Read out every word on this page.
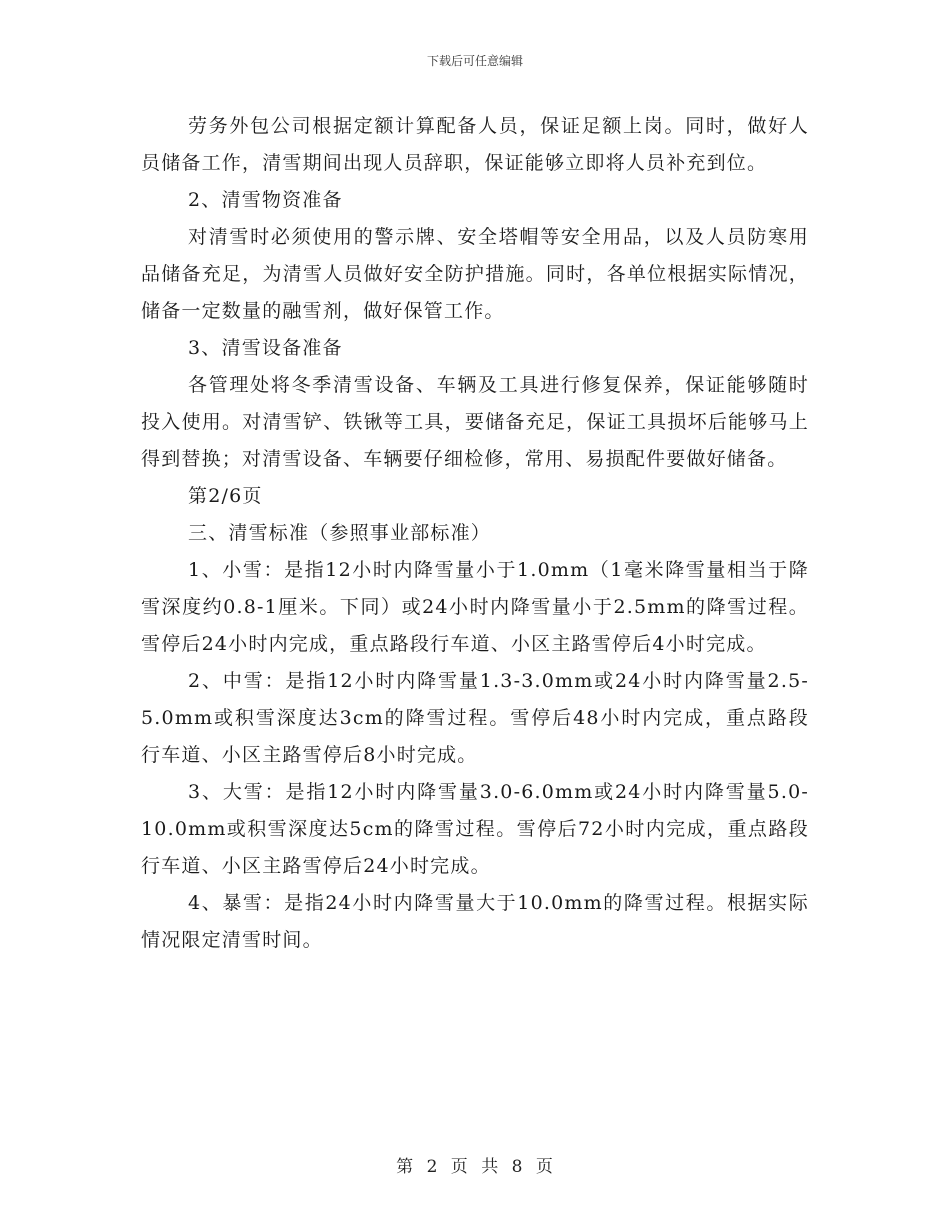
下载后可任意编辑

劳务外包公司根据定额计算配备人员，保证足额上岗。同时，做好人员储备工作，清雪期间出现人员辞职，保证能够立即将人员补充到位。

2、清雪物资准备

对清雪时必须使用的警示牌、安全塔帽等安全用品，以及人员防寒用品储备充足，为清雪人员做好安全防护措施。同时，各单位根据实际情况，储备一定数量的融雪剂，做好保管工作。

3、清雪设备准备

各管理处将冬季清雪设备、车辆及工具进行修复保养，保证能够随时投入使用。对清雪铲、铁锹等工具，要储备充足，保证工具损坏后能够马上得到替换；对清雪设备、车辆要仔细检修，常用、易损配件要做好储备。

第2/6页

三、清雪标准（参照事业部标准）

1、小雪：是指12小时内降雪量小于1.0mm（1毫米降雪量相当于降雪深度约0.8-1厘米。下同）或24小时内降雪量小于2.5mm的降雪过程。雪停后24小时内完成，重点路段行车道、小区主路雪停后4小时完成。

2、中雪：是指12小时内降雪量1.3-3.0mm或24小时内降雪量2.5-5.0mm或积雪深度达3cm的降雪过程。雪停后48小时内完成，重点路段行车道、小区主路雪停后8小时完成。

3、大雪：是指12小时内降雪量3.0-6.0mm或24小时内降雪量5.0-10.0mm或积雪深度达5cm的降雪过程。雪停后72小时内完成，重点路段行车道、小区主路雪停后24小时完成。

4、暴雪：是指24小时内降雪量大于10.0mm的降雪过程。根据实际情况限定清雪时间。

第 2 页 共 8 页
